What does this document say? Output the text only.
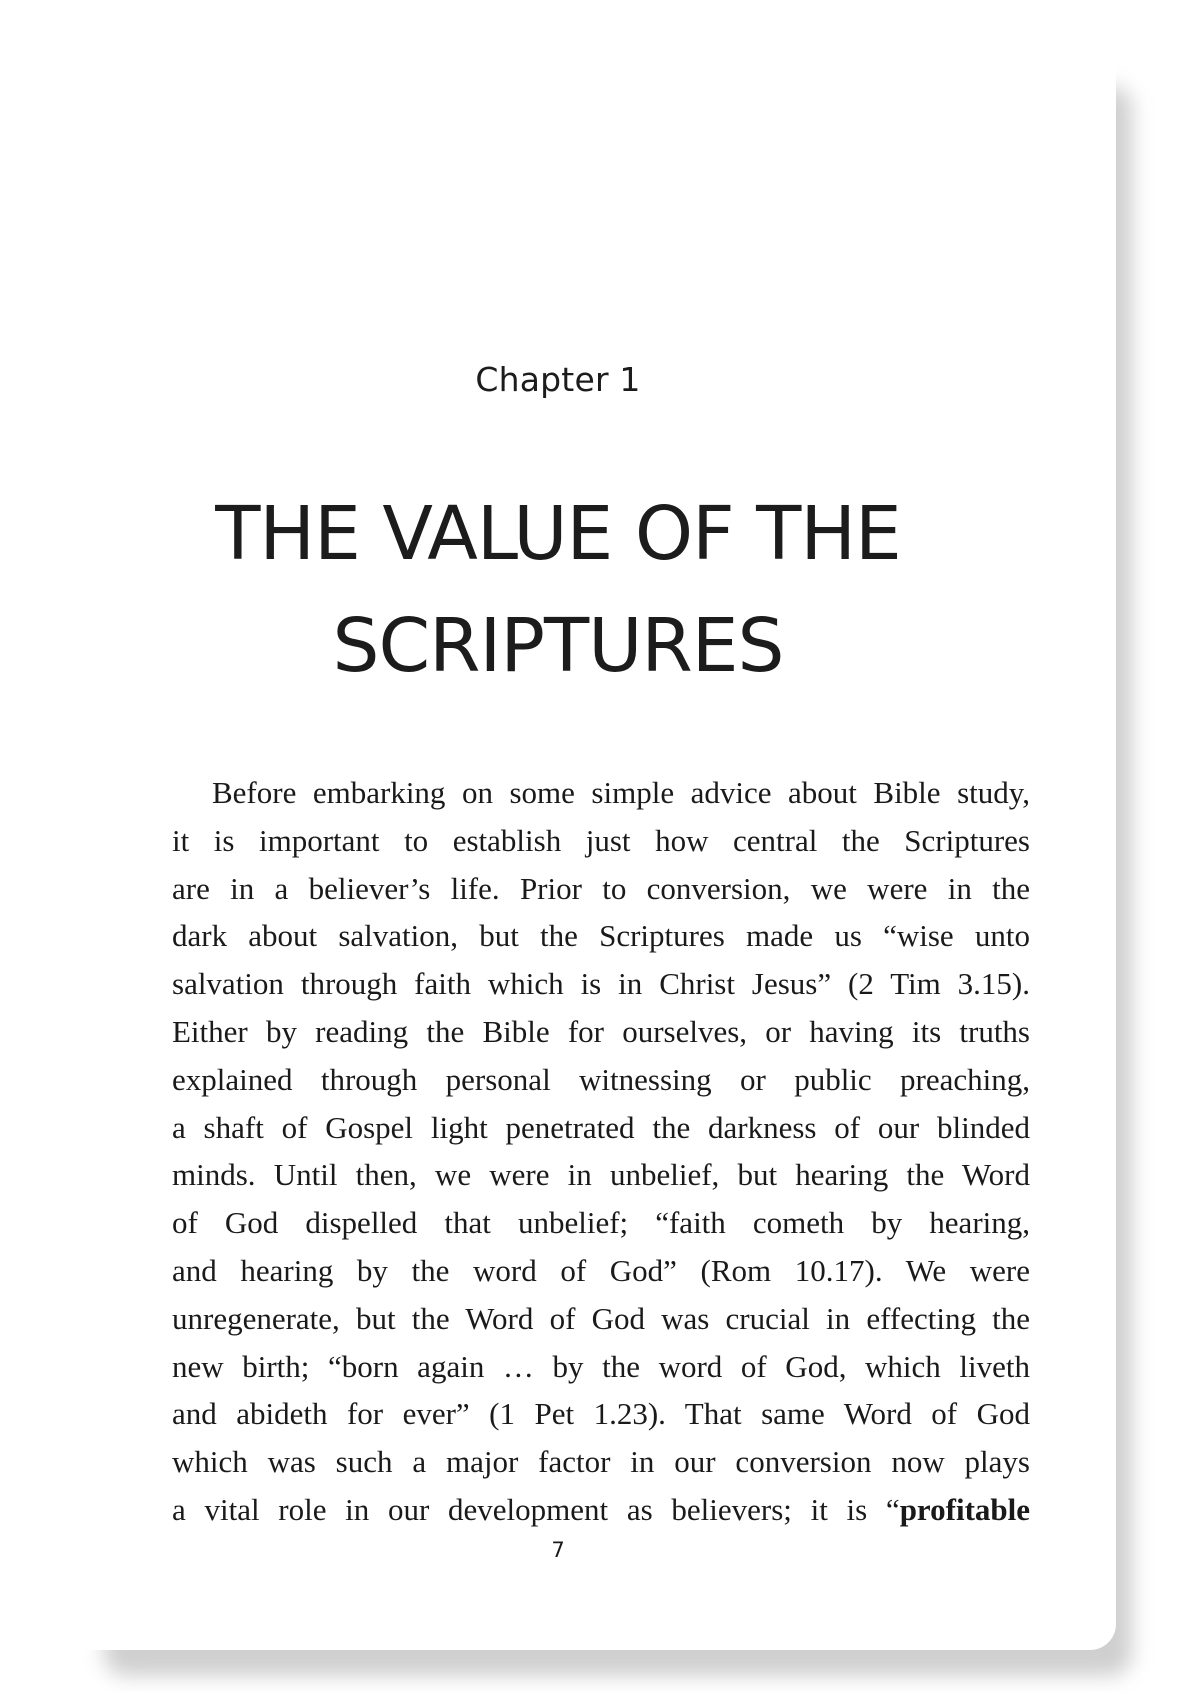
Chapter 1
THE VALUE OF THE
SCRIPTURES
Before embarking on some simple advice about Bible study,
it is important to establish just how central the Scriptures
are in a believer’s life. Prior to conversion, we were in the
dark about salvation, but the Scriptures made us “wise unto
salvation through faith which is in Christ Jesus” (2 Tim 3.15).
Either by reading the Bible for ourselves, or having its truths
explained through personal witnessing or public preaching,
a shaft of Gospel light penetrated the darkness of our blinded
minds. Until then, we were in unbelief, but hearing the Word
of God dispelled that unbelief; “faith cometh by hearing,
and hearing by the word of God” (Rom 10.17). We were
unregenerate, but the Word of God was crucial in effecting the
new birth; “born again … by the word of God, which liveth
and abideth for ever” (1 Pet 1.23). That same Word of God
which was such a major factor in our conversion now plays
a vital role in our development as believers; it is “profitable
7
